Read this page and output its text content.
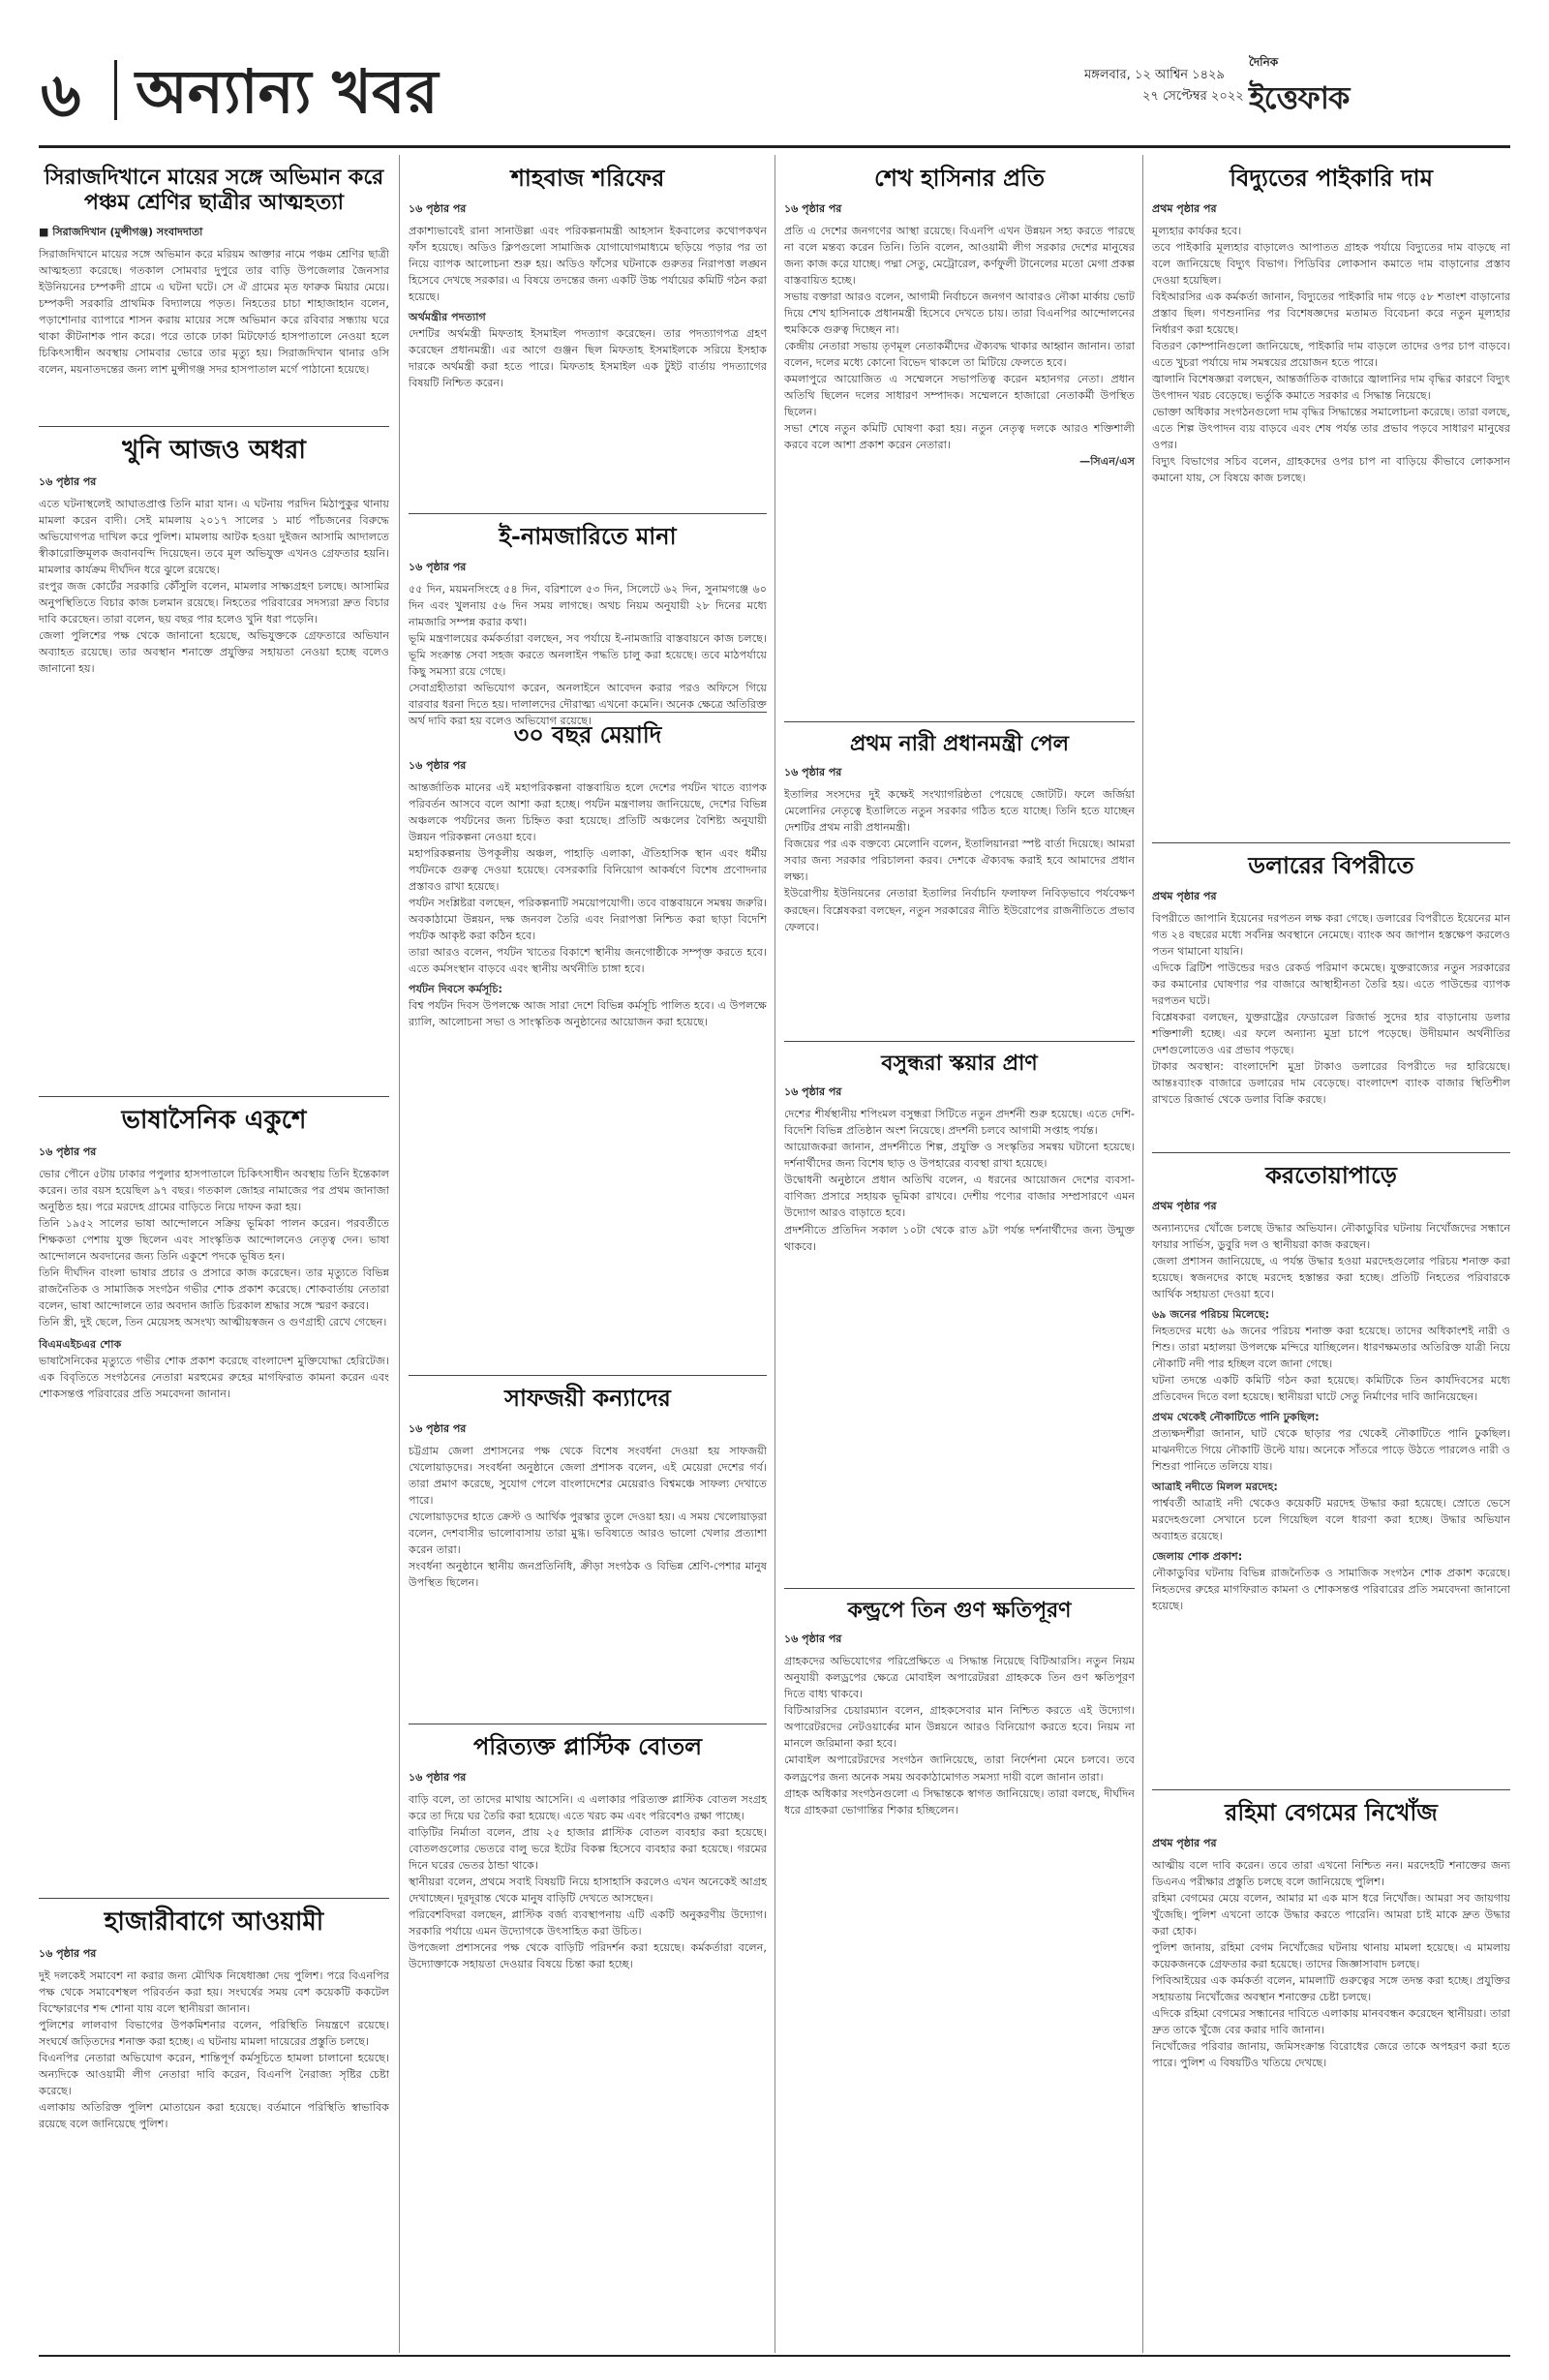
৬ অন্যান্য খবর	মঙ্গলবার, ১২ আশ্বিন ১৪২৯
২৭ সেপ্টেম্বর ২০২২
দৈনিক
ইত্তেফাক
সিরাজদিখানে মায়ের সঙ্গে অভিমান করে পঞ্চম শ্রেণির ছাত্রীর আত্মহত্যা
■ সিরাজদিখান (মুন্সীগঞ্জ) সংবাদদাতা
সিরাজদিখানে মায়ের সঙ্গে অভিমান করে মরিয়ম আক্তার নামে পঞ্চম শ্রেণির ছাত্রী আত্মহত্যা করেছে। গতকাল সোমবার দুপুরে তার বাড়ি উপজেলার জৈনসার ইউনিয়নের চম্পকদী গ্রামে এ ঘটনা ঘটে। সে ঐ গ্রামের মৃত ফারুক মিয়ার মেয়ে। চম্পকদী সরকারি প্রাথমিক বিদ্যালয়ে পড়ত। নিহতের চাচা শাহাজাহান বলেন, পড়াশোনার ব্যাপারে শাসন করায় মায়ের সঙ্গে অভিমান করে রবিবার সন্ধ্যায় ঘরে থাকা কীটনাশক পান করে। পরে তাকে ঢাকা মিটফোর্ড হাসপাতালে নেওয়া হলে চিকিৎসাধীন অবস্থায় সোমবার ভোরে তার মৃত্যু হয়। সিরাজদিখান থানার ওসি বলেন, ময়নাতদন্তের জন্য লাশ মুন্সীগঞ্জ সদর হাসপাতাল মর্গে পাঠানো হয়েছে।
খুনি আজও অধরা
১৬ পৃষ্ঠার পর
এতে ঘটনাস্থলেই আঘাতপ্রাপ্ত তিনি মারা যান। এ ঘটনায় পরদিন মিঠাপুকুর থানায় মামলা করেন বাদী। সেই মামলায় ২০১৭ সালের ১ মার্চ পাঁচজনের বিরুদ্ধে অভিযোগপত্র দাখিল করে পুলিশ। মামলায় আটক হওয়া দুইজন আসামি আদালতে স্বীকারোক্তিমূলক জবানবন্দি দিয়েছেন। তবে মূল অভিযুক্ত এখনও গ্রেফতার হয়নি। মামলার কার্যক্রম দীর্ঘদিন ধরে ঝুলে রয়েছে।
রংপুর জজ কোর্টের সরকারি কৌঁসুলি বলেন, মামলার সাক্ষ্যগ্রহণ চলছে। আসামির অনুপস্থিতিতে বিচার কাজ চলমান রয়েছে। নিহতের পরিবারের সদস্যরা দ্রুত বিচার দাবি করেছেন। তারা বলেন, ছয় বছর পার হলেও খুনি ধরা পড়েনি।
জেলা পুলিশের পক্ষ থেকে জানানো হয়েছে, অভিযুক্তকে গ্রেফতারে অভিযান অব্যাহত রয়েছে। তার অবস্থান শনাক্তে প্রযুক্তির সহায়তা নেওয়া হচ্ছে বলেও জানানো হয়।
ভাষাসৈনিক একুশে
১৬ পৃষ্ঠার পর
ভোর পৌনে ৫টায় ঢাকার পপুলার হাসপাতালে চিকিৎসাধীন অবস্থায় তিনি ইন্তেকাল করেন। তার বয়স হয়েছিল ৯৭ বছর। গতকাল জোহর নামাজের পর প্রথম জানাজা অনুষ্ঠিত হয়। পরে মরদেহ গ্রামের বাড়িতে নিয়ে দাফন করা হয়।
তিনি ১৯৫২ সালের ভাষা আন্দোলনে সক্রিয় ভূমিকা পালন করেন। পরবর্তীতে শিক্ষকতা পেশায় যুক্ত ছিলেন এবং সাংস্কৃতিক আন্দোলনেও নেতৃত্ব দেন। ভাষা আন্দোলনে অবদানের জন্য তিনি একুশে পদকে ভূষিত হন।
তিনি দীর্ঘদিন বাংলা ভাষার প্রচার ও প্রসারে কাজ করেছেন। তার মৃত্যুতে বিভিন্ন রাজনৈতিক ও সামাজিক সংগঠন গভীর শোক প্রকাশ করেছে। শোকবার্তায় নেতারা বলেন, ভাষা আন্দোলনে তার অবদান জাতি চিরকাল শ্রদ্ধার সঙ্গে স্মরণ করবে।
তিনি স্ত্রী, দুই ছেলে, তিন মেয়েসহ অসংখ্য আত্মীয়স্বজন ও গুণগ্রাহী রেখে গেছেন।
বিএমএইচএর শোক
ভাষাসৈনিকের মৃত্যুতে গভীর শোক প্রকাশ করেছে বাংলাদেশ মুক্তিযোদ্ধা হেরিটেজ। এক বিবৃতিতে সংগঠনের নেতারা মরহুমের রুহের মাগফিরাত কামনা করেন এবং শোকসন্তপ্ত পরিবারের প্রতি সমবেদনা জানান।
হাজারীবাগে আওয়ামী
১৬ পৃষ্ঠার পর
দুই দলকেই সমাবেশ না করার জন্য মৌখিক নিষেধাজ্ঞা দেয় পুলিশ। পরে বিএনপির পক্ষ থেকে সমাবেশস্থল পরিবর্তন করা হয়। সংঘর্ষের সময় বেশ কয়েকটি ককটেল বিস্ফোরণের শব্দ শোনা যায় বলে স্থানীয়রা জানান।
পুলিশের লালবাগ বিভাগের উপকমিশনার বলেন, পরিস্থিতি নিয়ন্ত্রণে রয়েছে। সংঘর্ষে জড়িতদের শনাক্ত করা হচ্ছে। এ ঘটনায় মামলা দায়েরের প্রস্তুতি চলছে।
বিএনপির নেতারা অভিযোগ করেন, শান্তিপূর্ণ কর্মসূচিতে হামলা চালানো হয়েছে। অন্যদিকে আওয়ামী লীগ নেতারা দাবি করেন, বিএনপি নৈরাজ্য সৃষ্টির চেষ্টা করেছে।
এলাকায় অতিরিক্ত পুলিশ মোতায়েন করা হয়েছে। বর্তমানে পরিস্থিতি স্বাভাবিক রয়েছে বলে জানিয়েছে পুলিশ।
শাহবাজ শরিফের
১৬ পৃষ্ঠার পর
প্রকাশ্যভাবেই রানা সানাউল্লা এবং পরিকল্পনামন্ত্রী আহসান ইকবালের কথোপকথন ফাঁস হয়েছে। অডিও ক্লিপগুলো সামাজিক যোগাযোগমাধ্যমে ছড়িয়ে পড়ার পর তা নিয়ে ব্যাপক আলোচনা শুরু হয়। অডিও ফাঁসের ঘটনাকে গুরুতর নিরাপত্তা লঙ্ঘন হিসেবে দেখছে সরকার। এ বিষয়ে তদন্তের জন্য একটি উচ্চ পর্যায়ের কমিটি গঠন করা হয়েছে।
অর্থমন্ত্রীর পদত্যাগ
দেশটির অর্থমন্ত্রী মিফতাহ ইসমাইল পদত্যাগ করেছেন। তার পদত্যাগপত্র গ্রহণ করেছেন প্রধানমন্ত্রী। এর আগে গুঞ্জন ছিল মিফতাহ ইসমাইলকে সরিয়ে ইসহাক দারকে অর্থমন্ত্রী করা হতে পারে। মিফতাহ ইসমাইল এক টুইট বার্তায় পদত্যাগের বিষয়টি নিশ্চিত করেন।
ই-নামজারিতে মানা
১৬ পৃষ্ঠার পর
৫৫ দিন, ময়মনসিংহে ৫৪ দিন, বরিশালে ৫৩ দিন, সিলেটে ৬২ দিন, সুনামগঞ্জে ৬০ দিন এবং খুলনায় ৫৬ দিন সময় লাগছে। অথচ নিয়ম অনুযায়ী ২৮ দিনের মধ্যে নামজারি সম্পন্ন করার কথা।
ভূমি মন্ত্রণালয়ের কর্মকর্তারা বলছেন, সব পর্যায়ে ই-নামজারি বাস্তবায়নে কাজ চলছে। ভূমি সংক্রান্ত সেবা সহজ করতে অনলাইন পদ্ধতি চালু করা হয়েছে। তবে মাঠপর্যায়ে কিছু সমস্যা রয়ে গেছে।
সেবাগ্রহীতারা অভিযোগ করেন, অনলাইনে আবেদন করার পরও অফিসে গিয়ে বারবার ধরনা দিতে হয়। দালালদের দৌরাত্ম্য এখনো কমেনি। অনেক ক্ষেত্রে অতিরিক্ত অর্থ দাবি করা হয় বলেও অভিযোগ রয়েছে।
৩০ বছর মেয়াদি
১৬ পৃষ্ঠার পর
আন্তর্জাতিক মানের এই মহাপরিকল্পনা বাস্তবায়িত হলে দেশের পর্যটন খাতে ব্যাপক পরিবর্তন আসবে বলে আশা করা হচ্ছে। পর্যটন মন্ত্রণালয় জানিয়েছে, দেশের বিভিন্ন অঞ্চলকে পর্যটনের জন্য চিহ্নিত করা হয়েছে। প্রতিটি অঞ্চলের বৈশিষ্ট্য অনুযায়ী উন্নয়ন পরিকল্পনা নেওয়া হবে।
মহাপরিকল্পনায় উপকূলীয় অঞ্চল, পাহাড়ি এলাকা, ঐতিহাসিক স্থান এবং ধর্মীয় পর্যটনকে গুরুত্ব দেওয়া হয়েছে। বেসরকারি বিনিয়োগ আকর্ষণে বিশেষ প্রণোদনার প্রস্তাবও রাখা হয়েছে।
পর্যটন সংশ্লিষ্টরা বলছেন, পরিকল্পনাটি সময়োপযোগী। তবে বাস্তবায়নে সমন্বয় জরুরি। অবকাঠামো উন্নয়ন, দক্ষ জনবল তৈরি এবং নিরাপত্তা নিশ্চিত করা ছাড়া বিদেশি পর্যটক আকৃষ্ট করা কঠিন হবে।
তারা আরও বলেন, পর্যটন খাতের বিকাশে স্থানীয় জনগোষ্ঠীকে সম্পৃক্ত করতে হবে। এতে কর্মসংস্থান বাড়বে এবং স্থানীয় অর্থনীতি চাঙ্গা হবে।
পর্যটন দিবসে কর্মসূচি:
বিশ্ব পর্যটন দিবস উপলক্ষে আজ সারা দেশে বিভিন্ন কর্মসূচি পালিত হবে। এ উপলক্ষে র‌্যালি, আলোচনা সভা ও সাংস্কৃতিক অনুষ্ঠানের আয়োজন করা হয়েছে।
সাফজয়ী কন্যাদের
১৬ পৃষ্ঠার পর
চট্টগ্রাম জেলা প্রশাসনের পক্ষ থেকে বিশেষ সংবর্ধনা দেওয়া হয় সাফজয়ী খেলোয়াড়দের। সংবর্ধনা অনুষ্ঠানে জেলা প্রশাসক বলেন, এই মেয়েরা দেশের গর্ব। তারা প্রমাণ করেছে, সুযোগ পেলে বাংলাদেশের মেয়েরাও বিশ্বমঞ্চে সাফল্য দেখাতে পারে।
খেলোয়াড়দের হাতে ক্রেস্ট ও আর্থিক পুরস্কার তুলে দেওয়া হয়। এ সময় খেলোয়াড়রা বলেন, দেশবাসীর ভালোবাসায় তারা মুগ্ধ। ভবিষ্যতে আরও ভালো খেলার প্রত্যাশা করেন তারা।
সংবর্ধনা অনুষ্ঠানে স্থানীয় জনপ্রতিনিধি, ক্রীড়া সংগঠক ও বিভিন্ন শ্রেণি-পেশার মানুষ উপস্থিত ছিলেন।
পরিত্যক্ত প্লাস্টিক বোতল
১৬ পৃষ্ঠার পর
বাড়ি বলে, তা তাদের মাথায় আসেনি। এ এলাকার পরিত্যক্ত প্লাস্টিক বোতল সংগ্রহ করে তা দিয়ে ঘর তৈরি করা হয়েছে। এতে খরচ কম এবং পরিবেশও রক্ষা পাচ্ছে।
বাড়িটির নির্মাতা বলেন, প্রায় ২৫ হাজার প্লাস্টিক বোতল ব্যবহার করা হয়েছে। বোতলগুলোর ভেতরে বালু ভরে ইটের বিকল্প হিসেবে ব্যবহার করা হয়েছে। গরমের দিনে ঘরের ভেতর ঠান্ডা থাকে।
স্থানীয়রা বলেন, প্রথমে সবাই বিষয়টি নিয়ে হাসাহাসি করলেও এখন অনেকেই আগ্রহ দেখাচ্ছেন। দূরদূরান্ত থেকে মানুষ বাড়িটি দেখতে আসছেন।
পরিবেশবিদরা বলছেন, প্লাস্টিক বর্জ্য ব্যবস্থাপনায় এটি একটি অনুকরণীয় উদ্যোগ। সরকারি পর্যায়ে এমন উদ্যোগকে উৎসাহিত করা উচিত।
উপজেলা প্রশাসনের পক্ষ থেকে বাড়িটি পরিদর্শন করা হয়েছে। কর্মকর্তারা বলেন, উদ্যোক্তাকে সহায়তা দেওয়ার বিষয়ে চিন্তা করা হচ্ছে।
শেখ হাসিনার প্রতি
১৬ পৃষ্ঠার পর
প্রতি এ দেশের জনগণের আস্থা রয়েছে। বিএনপি এখন উন্নয়ন সহ্য করতে পারছে না বলে মন্তব্য করেন তিনি। তিনি বলেন, আওয়ামী লীগ সরকার দেশের মানুষের জন্য কাজ করে যাচ্ছে। পদ্মা সেতু, মেট্রোরেল, কর্ণফুলী টানেলের মতো মেগা প্রকল্প বাস্তবায়িত হচ্ছে।
সভায় বক্তারা আরও বলেন, আগামী নির্বাচনে জনগণ আবারও নৌকা মার্কায় ভোট দিয়ে শেখ হাসিনাকে প্রধানমন্ত্রী হিসেবে দেখতে চায়। তারা বিএনপির আন্দোলনের হুমকিকে গুরুত্ব দিচ্ছেন না।
কেন্দ্রীয় নেতারা সভায় তৃণমূল নেতাকর্মীদের ঐক্যবদ্ধ থাকার আহ্বান জানান। তারা বলেন, দলের মধ্যে কোনো বিভেদ থাকলে তা মিটিয়ে ফেলতে হবে।
কমলাপুরে আয়োজিত এ সম্মেলনে সভাপতিত্ব করেন মহানগর নেতা। প্রধান অতিথি ছিলেন দলের সাধারণ সম্পাদক। সম্মেলনে হাজারো নেতাকর্মী উপস্থিত ছিলেন।
সভা শেষে নতুন কমিটি ঘোষণা করা হয়। নতুন নেতৃত্ব দলকে আরও শক্তিশালী করবে বলে আশা প্রকাশ করেন নেতারা।
—সিএন/এস
প্রথম নারী প্রধানমন্ত্রী পেল
১৬ পৃষ্ঠার পর
ইতালির সংসদের দুই কক্ষেই সংখ্যাগরিষ্ঠতা পেয়েছে জোটটি। ফলে জর্জিয়া মেলোনির নেতৃত্বে ইতালিতে নতুন সরকার গঠিত হতে যাচ্ছে। তিনি হতে যাচ্ছেন দেশটির প্রথম নারী প্রধানমন্ত্রী।
বিজয়ের পর এক বক্তব্যে মেলোনি বলেন, ইতালিয়ানরা স্পষ্ট বার্তা দিয়েছে। আমরা সবার জন্য সরকার পরিচালনা করব। দেশকে ঐক্যবদ্ধ করাই হবে আমাদের প্রধান লক্ষ্য।
ইউরোপীয় ইউনিয়নের নেতারা ইতালির নির্বাচনি ফলাফল নিবিড়ভাবে পর্যবেক্ষণ করছেন। বিশ্লেষকরা বলছেন, নতুন সরকারের নীতি ইউরোপের রাজনীতিতে প্রভাব ফেলবে।
বসুন্ধরা স্কয়ার প্রাণ
১৬ পৃষ্ঠার পর
দেশের শীর্ষস্থানীয় শপিংমল বসুন্ধরা সিটিতে নতুন প্রদর্শনী শুরু হয়েছে। এতে দেশি-বিদেশি বিভিন্ন প্রতিষ্ঠান অংশ নিয়েছে। প্রদর্শনী চলবে আগামী সপ্তাহ পর্যন্ত।
আয়োজকরা জানান, প্রদর্শনীতে শিল্প, প্রযুক্তি ও সংস্কৃতির সমন্বয় ঘটানো হয়েছে। দর্শনার্থীদের জন্য বিশেষ ছাড় ও উপহারের ব্যবস্থা রাখা হয়েছে।
উদ্বোধনী অনুষ্ঠানে প্রধান অতিথি বলেন, এ ধরনের আয়োজন দেশের ব্যবসা-বাণিজ্য প্রসারে সহায়ক ভূমিকা রাখবে। দেশীয় পণ্যের বাজার সম্প্রসারণে এমন উদ্যোগ আরও বাড়াতে হবে।
প্রদর্শনীতে প্রতিদিন সকাল ১০টা থেকে রাত ৯টা পর্যন্ত দর্শনার্থীদের জন্য উন্মুক্ত থাকবে।
কল্ড্রপে তিন গুণ ক্ষতিপূরণ
১৬ পৃষ্ঠার পর
গ্রাহকদের অভিযোগের পরিপ্রেক্ষিতে এ সিদ্ধান্ত নিয়েছে বিটিআরসি। নতুন নিয়ম অনুযায়ী কলড্রপের ক্ষেত্রে মোবাইল অপারেটররা গ্রাহককে তিন গুণ ক্ষতিপূরণ দিতে বাধ্য থাকবে।
বিটিআরসির চেয়ারম্যান বলেন, গ্রাহকসেবার মান নিশ্চিত করতে এই উদ্যোগ। অপারেটরদের নেটওয়ার্কের মান উন্নয়নে আরও বিনিয়োগ করতে হবে। নিয়ম না মানলে জরিমানা করা হবে।
মোবাইল অপারেটরদের সংগঠন জানিয়েছে, তারা নির্দেশনা মেনে চলবে। তবে কলড্রপের জন্য অনেক সময় অবকাঠামোগত সমস্যা দায়ী বলে জানান তারা।
গ্রাহক অধিকার সংগঠনগুলো এ সিদ্ধান্তকে স্বাগত জানিয়েছে। তারা বলছে, দীর্ঘদিন ধরে গ্রাহকরা ভোগান্তির শিকার হচ্ছিলেন।
বিদ্যুতের পাইকারি দাম
প্রথম পৃষ্ঠার পর
মূল্যহার কার্যকর হবে।
তবে পাইকারি মূল্যহার বাড়ালেও আপাতত গ্রাহক পর্যায়ে বিদ্যুতের দাম বাড়ছে না বলে জানিয়েছে বিদ্যুৎ বিভাগ। পিডিবির লোকসান কমাতে দাম বাড়ানোর প্রস্তাব দেওয়া হয়েছিল।
বিইআরসির এক কর্মকর্তা জানান, বিদ্যুতের পাইকারি দাম গড়ে ৫৮ শতাংশ বাড়ানোর প্রস্তাব ছিল। গণশুনানির পর বিশেষজ্ঞদের মতামত বিবেচনা করে নতুন মূল্যহার নির্ধারণ করা হয়েছে।
বিতরণ কোম্পানিগুলো জানিয়েছে, পাইকারি দাম বাড়লে তাদের ওপর চাপ বাড়বে। এতে খুচরা পর্যায়ে দাম সমন্বয়ের প্রয়োজন হতে পারে।
জ্বালানি বিশেষজ্ঞরা বলছেন, আন্তর্জাতিক বাজারে জ্বালানির দাম বৃদ্ধির কারণে বিদ্যুৎ উৎপাদন খরচ বেড়েছে। ভর্তুকি কমাতে সরকার এ সিদ্ধান্ত নিয়েছে।
ভোক্তা অধিকার সংগঠনগুলো দাম বৃদ্ধির সিদ্ধান্তের সমালোচনা করেছে। তারা বলছে, এতে শিল্প উৎপাদন ব্যয় বাড়বে এবং শেষ পর্যন্ত তার প্রভাব পড়বে সাধারণ মানুষের ওপর।
বিদ্যুৎ বিভাগের সচিব বলেন, গ্রাহকদের ওপর চাপ না বাড়িয়ে কীভাবে লোকসান কমানো যায়, সে বিষয়ে কাজ চলছে।
ডলারের বিপরীতে
প্রথম পৃষ্ঠার পর
বিপরীতে জাপানি ইয়েনের দরপতন লক্ষ করা গেছে। ডলারের বিপরীতে ইয়েনের মান গত ২৪ বছরের মধ্যে সর্বনিম্ন অবস্থানে নেমেছে। ব্যাংক অব জাপান হস্তক্ষেপ করলেও পতন থামানো যায়নি।
এদিকে ব্রিটিশ পাউন্ডের দরও রেকর্ড পরিমাণ কমেছে। যুক্তরাজ্যের নতুন সরকারের কর কমানোর ঘোষণার পর বাজারে আস্থাহীনতা তৈরি হয়। এতে পাউন্ডের ব্যাপক দরপতন ঘটে।
বিশ্লেষকরা বলছেন, যুক্তরাষ্ট্রের ফেডারেল রিজার্ভ সুদের হার বাড়ানোয় ডলার শক্তিশালী হচ্ছে। এর ফলে অন্যান্য মুদ্রা চাপে পড়েছে। উদীয়মান অর্থনীতির দেশগুলোতেও এর প্রভাব পড়ছে।
টাকার অবস্থান: বাংলাদেশি মুদ্রা টাকাও ডলারের বিপরীতে দর হারিয়েছে। আন্তঃব্যাংক বাজারে ডলারের দাম বেড়েছে। বাংলাদেশ ব্যাংক বাজার স্থিতিশীল রাখতে রিজার্ভ থেকে ডলার বিক্রি করছে।
করতোয়াপাড়ে
প্রথম পৃষ্ঠার পর
অন্যান্যদের খোঁজে চলছে উদ্ধার অভিযান। নৌকাডুবির ঘটনায় নিখোঁজদের সন্ধানে ফায়ার সার্ভিস, ডুবুরি দল ও স্থানীয়রা কাজ করছেন।
জেলা প্রশাসন জানিয়েছে, এ পর্যন্ত উদ্ধার হওয়া মরদেহগুলোর পরিচয় শনাক্ত করা হয়েছে। স্বজনদের কাছে মরদেহ হস্তান্তর করা হচ্ছে। প্রতিটি নিহতের পরিবারকে আর্থিক সহায়তা দেওয়া হবে।
৬৯ জনের পরিচয় মিলেছে:
নিহতদের মধ্যে ৬৯ জনের পরিচয় শনাক্ত করা হয়েছে। তাদের অধিকাংশই নারী ও শিশু। তারা মহালয়া উপলক্ষে মন্দিরে যাচ্ছিলেন। ধারণক্ষমতার অতিরিক্ত যাত্রী নিয়ে নৌকাটি নদী পার হচ্ছিল বলে জানা গেছে।
ঘটনা তদন্তে একটি কমিটি গঠন করা হয়েছে। কমিটিকে তিন কার্যদিবসের মধ্যে প্রতিবেদন দিতে বলা হয়েছে। স্থানীয়রা ঘাটে সেতু নির্মাণের দাবি জানিয়েছেন।
প্রথম থেকেই নৌকাটিতে পানি ঢুকছিল:
প্রত্যক্ষদর্শীরা জানান, ঘাট থেকে ছাড়ার পর থেকেই নৌকাটিতে পানি ঢুকছিল। মাঝনদীতে গিয়ে নৌকাটি উল্টে যায়। অনেকে সাঁতরে পাড়ে উঠতে পারলেও নারী ও শিশুরা পানিতে তলিয়ে যায়।
আত্রাই নদীতে মিলল মরদেহ:
পার্শ্ববর্তী আত্রাই নদী থেকেও কয়েকটি মরদেহ উদ্ধার করা হয়েছে। স্রোতে ভেসে মরদেহগুলো সেখানে চলে গিয়েছিল বলে ধারণা করা হচ্ছে। উদ্ধার অভিযান অব্যাহত রয়েছে।
জেলায় শোক প্রকাশ:
নৌকাডুবির ঘটনায় বিভিন্ন রাজনৈতিক ও সামাজিক সংগঠন শোক প্রকাশ করেছে। নিহতদের রুহের মাগফিরাত কামনা ও শোকসন্তপ্ত পরিবারের প্রতি সমবেদনা জানানো হয়েছে।
রহিমা বেগমের নিখোঁজ
প্রথম পৃষ্ঠার পর
আত্মীয় বলে দাবি করেন। তবে তারা এখনো নিশ্চিত নন। মরদেহটি শনাক্তের জন্য ডিএনএ পরীক্ষার প্রস্তুতি চলছে বলে জানিয়েছে পুলিশ।
রহিমা বেগমের মেয়ে বলেন, আমার মা এক মাস ধরে নিখোঁজ। আমরা সব জায়গায় খুঁজেছি। পুলিশ এখনো তাকে উদ্ধার করতে পারেনি। আমরা চাই মাকে দ্রুত উদ্ধার করা হোক।
পুলিশ জানায়, রহিমা বেগম নিখোঁজের ঘটনায় থানায় মামলা হয়েছে। এ মামলায় কয়েকজনকে গ্রেফতার করা হয়েছে। তাদের জিজ্ঞাসাবাদ চলছে।
পিবিআইয়ের এক কর্মকর্তা বলেন, মামলাটি গুরুত্বের সঙ্গে তদন্ত করা হচ্ছে। প্রযুক্তির সহায়তায় নিখোঁজের অবস্থান শনাক্তের চেষ্টা চলছে।
এদিকে রহিমা বেগমের সন্ধানের দাবিতে এলাকায় মানববন্ধন করেছেন স্থানীয়রা। তারা দ্রুত তাকে খুঁজে বের করার দাবি জানান।
নিখোঁজের পরিবার জানায়, জমিসংক্রান্ত বিরোধের জেরে তাকে অপহরণ করা হতে পারে। পুলিশ এ বিষয়টিও খতিয়ে দেখছে।
